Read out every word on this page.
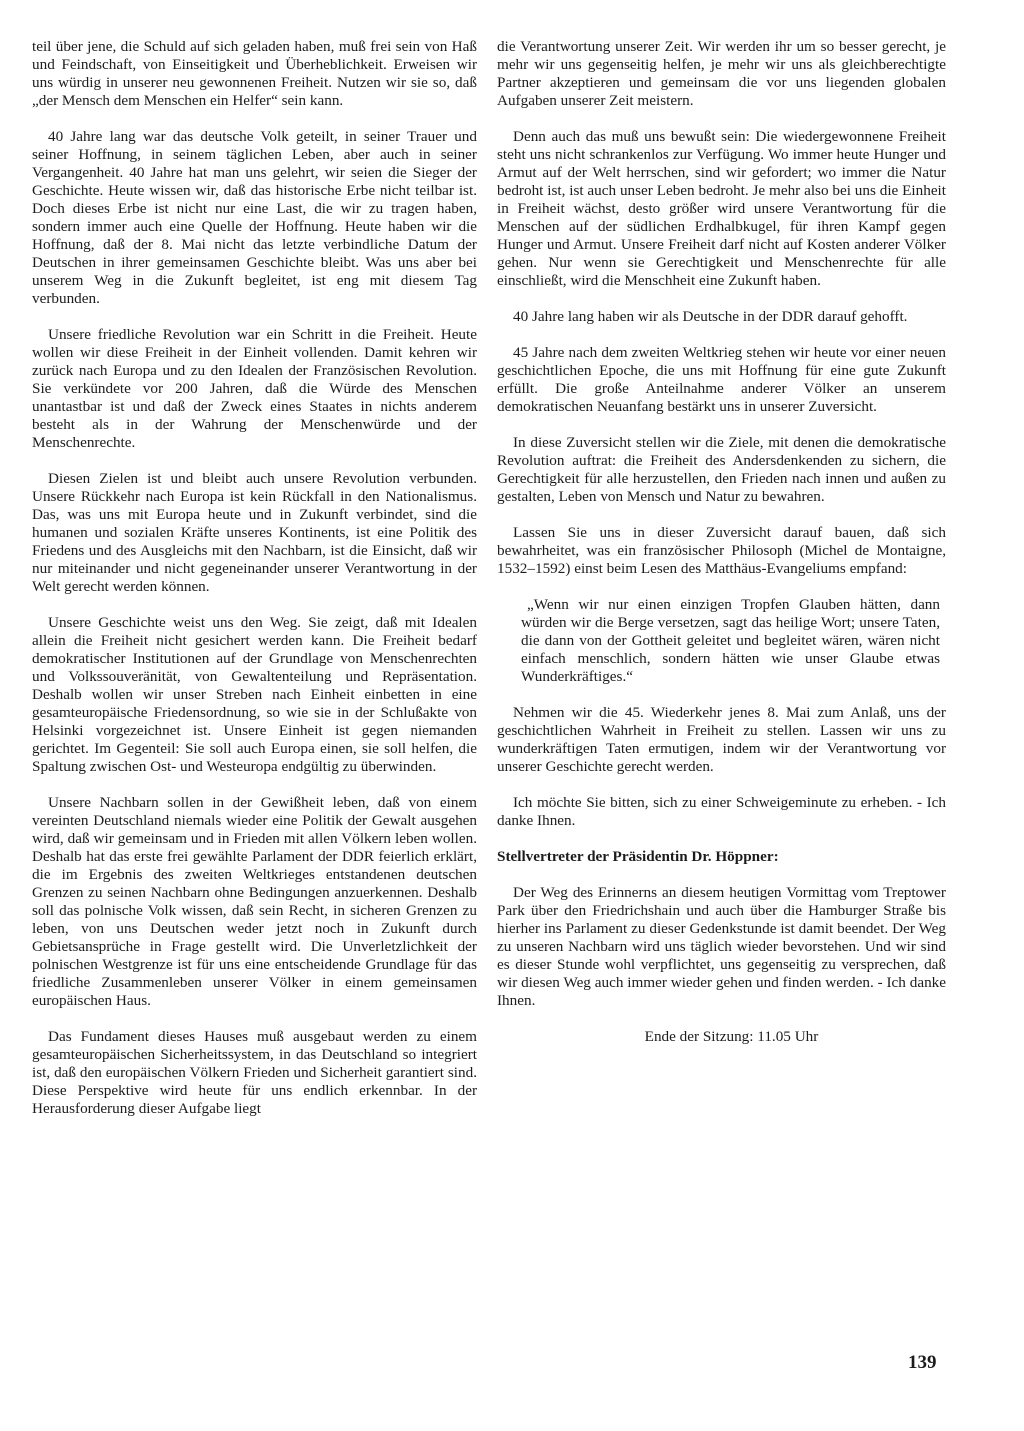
teil über jene, die Schuld auf sich geladen haben, muß frei sein von Haß und Feindschaft, von Einseitigkeit und Überheblichkeit. Erweisen wir uns würdig in unserer neu gewonnenen Freiheit. Nutzen wir sie so, daß „der Mensch dem Menschen ein Helfer“ sein kann.

40 Jahre lang war das deutsche Volk geteilt, in seiner Trauer und seiner Hoffnung, in seinem täglichen Leben, aber auch in seiner Vergangenheit. 40 Jahre hat man uns gelehrt, wir seien die Sieger der Geschichte. Heute wissen wir, daß das historische Erbe nicht teilbar ist. Doch dieses Erbe ist nicht nur eine Last, die wir zu tragen haben, sondern immer auch eine Quelle der Hoffnung. Heute haben wir die Hoffnung, daß der 8. Mai nicht das letzte verbindliche Datum der Deutschen in ihrer gemeinsamen Geschichte bleibt. Was uns aber bei unserem Weg in die Zukunft begleitet, ist eng mit diesem Tag verbunden.

Unsere friedliche Revolution war ein Schritt in die Freiheit. Heute wollen wir diese Freiheit in der Einheit vollenden. Damit kehren wir zurück nach Europa und zu den Idealen der Französischen Revolution. Sie verkündete vor 200 Jahren, daß die Würde des Menschen unantastbar ist und daß der Zweck eines Staates in nichts anderem besteht als in der Wahrung der Menschenwürde und der Menschenrechte.

Diesen Zielen ist und bleibt auch unsere Revolution verbunden. Unsere Rückkehr nach Europa ist kein Rückfall in den Nationalismus. Das, was uns mit Europa heute und in Zukunft verbindet, sind die humanen und sozialen Kräfte unseres Kontinents, ist eine Politik des Friedens und des Ausgleichs mit den Nachbarn, ist die Einsicht, daß wir nur miteinander und nicht gegeneinander unserer Verantwortung in der Welt gerecht werden können.

Unsere Geschichte weist uns den Weg. Sie zeigt, daß mit Idealen allein die Freiheit nicht gesichert werden kann. Die Freiheit bedarf demokratischer Institutionen auf der Grundlage von Menschenrechten und Volkssouveränität, von Gewaltenteilung und Repräsentation. Deshalb wollen wir unser Streben nach Einheit einbetten in eine gesamteuropäische Friedensordnung, so wie sie in der Schlußakte von Helsinki vorgezeichnet ist. Unsere Einheit ist gegen niemanden gerichtet. Im Gegenteil: Sie soll auch Europa einen, sie soll helfen, die Spaltung zwischen Ost- und Westeuropa endgültig zu überwinden.

Unsere Nachbarn sollen in der Gewißheit leben, daß von einem vereinten Deutschland niemals wieder eine Politik der Gewalt ausgehen wird, daß wir gemeinsam und in Frieden mit allen Völkern leben wollen. Deshalb hat das erste frei gewählte Parlament der DDR feierlich erklärt, die im Ergebnis des zweiten Weltkrieges entstandenen deutschen Grenzen zu seinen Nachbarn ohne Bedingungen anzuerkennen. Deshalb soll das polnische Volk wissen, daß sein Recht, in sicheren Grenzen zu leben, von uns Deutschen weder jetzt noch in Zukunft durch Gebietsansprüche in Frage gestellt wird. Die Unverletzlichkeit der polnischen Westgrenze ist für uns eine entscheidende Grundlage für das friedliche Zusammenleben unserer Völker in einem gemeinsamen europäischen Haus.

Das Fundament dieses Hauses muß ausgebaut werden zu einem gesamteuropäischen Sicherheitssystem, in das Deutschland so integriert ist, daß den europäischen Völkern Frieden und Sicherheit garantiert sind. Diese Perspektive wird heute für uns endlich erkennbar. In der Herausforderung dieser Aufgabe liegt

die Verantwortung unserer Zeit. Wir werden ihr um so besser gerecht, je mehr wir uns gegenseitig helfen, je mehr wir uns als gleichberechtigte Partner akzeptieren und gemeinsam die vor uns liegenden globalen Aufgaben unserer Zeit meistern.

Denn auch das muß uns bewußt sein: Die wiedergewonnene Freiheit steht uns nicht schrankenlos zur Verfügung. Wo immer heute Hunger und Armut auf der Welt herrschen, sind wir gefordert; wo immer die Natur bedroht ist, ist auch unser Leben bedroht. Je mehr also bei uns die Einheit in Freiheit wächst, desto größer wird unsere Verantwortung für die Menschen auf der südlichen Erdhalbkugel, für ihren Kampf gegen Hunger und Armut. Unsere Freiheit darf nicht auf Kosten anderer Völker gehen. Nur wenn sie Gerechtigkeit und Menschenrechte für alle einschließt, wird die Menschheit eine Zukunft haben.

40 Jahre lang haben wir als Deutsche in der DDR darauf gehofft.

45 Jahre nach dem zweiten Weltkrieg stehen wir heute vor einer neuen geschichtlichen Epoche, die uns mit Hoffnung für eine gute Zukunft erfüllt. Die große Anteilnahme anderer Völker an unserem demokratischen Neuanfang bestärkt uns in unserer Zuversicht.

In diese Zuversicht stellen wir die Ziele, mit denen die demokratische Revolution auftrat: die Freiheit des Andersdenkenden zu sichern, die Gerechtigkeit für alle herzustellen, den Frieden nach innen und außen zu gestalten, Leben von Mensch und Natur zu bewahren.

Lassen Sie uns in dieser Zuversicht darauf bauen, daß sich bewahrheitet, was ein französischer Philosoph (Michel de Montaigne, 1532–1592) einst beim Lesen des Matthäus-Evangeliums empfand:

„Wenn wir nur einen einzigen Tropfen Glauben hätten, dann würden wir die Berge versetzen, sagt das heilige Wort; unsere Taten, die dann von der Gottheit geleitet und begleitet wären, wären nicht einfach menschlich, sondern hätten wie unser Glaube etwas Wunderkräftiges.“

Nehmen wir die 45. Wiederkehr jenes 8. Mai zum Anlaß, uns der geschichtlichen Wahrheit in Freiheit zu stellen. Lassen wir uns zu wunderkräftigen Taten ermutigen, indem wir der Verantwortung vor unserer Geschichte gerecht werden.

Ich möchte Sie bitten, sich zu einer Schweigeminute zu erheben. - Ich danke Ihnen.

Stellvertreter der Präsidentin Dr. Höppner:

Der Weg des Erinnerns an diesem heutigen Vormittag vom Treptower Park über den Friedrichshain und auch über die Hamburger Straße bis hierher ins Parlament zu dieser Gedenkstunde ist damit beendet. Der Weg zu unseren Nachbarn wird uns täglich wieder bevorstehen. Und wir sind es dieser Stunde wohl verpflichtet, uns gegenseitig zu versprechen, daß wir diesen Weg auch immer wieder gehen und finden werden. - Ich danke Ihnen.

Ende der Sitzung: 11.05 Uhr
139
